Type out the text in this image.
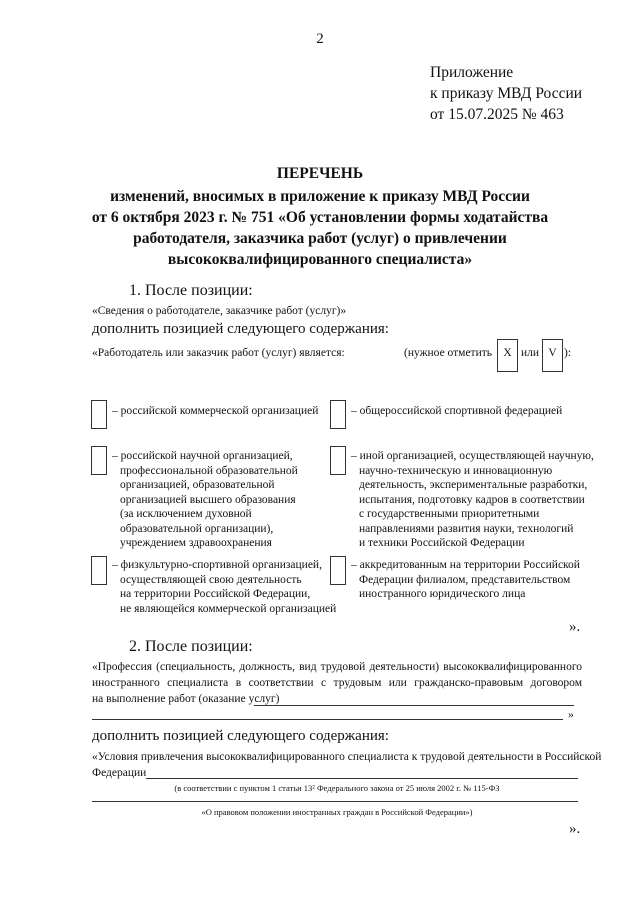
2
Приложение
к приказу МВД России
от 15.07.2025 № 463
ПЕРЕЧЕНЬ
изменений, вносимых в приложение к приказу МВД России
от 6 октября 2023 г. № 751 «Об установлении формы ходатайства
работодателя, заказчика работ (услуг) о привлечении
высококвалифицированного специалиста»
1. После позиции:
«Сведения о работодателе, заказчике работ (услуг)»
дополнить позицией следующего содержания:
«Работодатель или заказчик работ (услуг) является:	(нужное отметить X или V ):
– российской коммерческой организацией
– российской научной организацией,
профессиональной образовательной
организацией, образовательной
организацией высшего образования
(за исключением духовной
образовательной организации),
учреждением здравоохранения
– физкультурно-спортивной организацией,
осуществляющей свою деятельность
на территории Российской Федерации,
не являющейся коммерческой организацией
– общероссийской спортивной федерацией
– иной организацией, осуществляющей научную,
научно-техническую и инновационную
деятельность, экспериментальные разработки,
испытания, подготовку кадров в соответствии
с государственными приоритетными
направлениями развития науки, технологий
и техники Российской Федерации
– аккредитованным на территории Российской
Федерации филиалом, представительством
иностранного юридического лица
».
2. После позиции:
«Профессия (специальность, должность, вид трудовой деятельности) высококвалифицированного
иностранного специалиста в соответствии с трудовым или гражданско-правовым договором
на выполнение работ (оказание услуг)
»
дополнить позицией следующего содержания:
«Условия привлечения высококвалифицированного специалиста к трудовой деятельности в Российской
Федерации
(в соответствии с пунктом 1 статьи 13² Федерального закона от 25 июля 2002 г. № 115-ФЗ
«О правовом положении иностранных граждан в Российской Федерации»)
».
